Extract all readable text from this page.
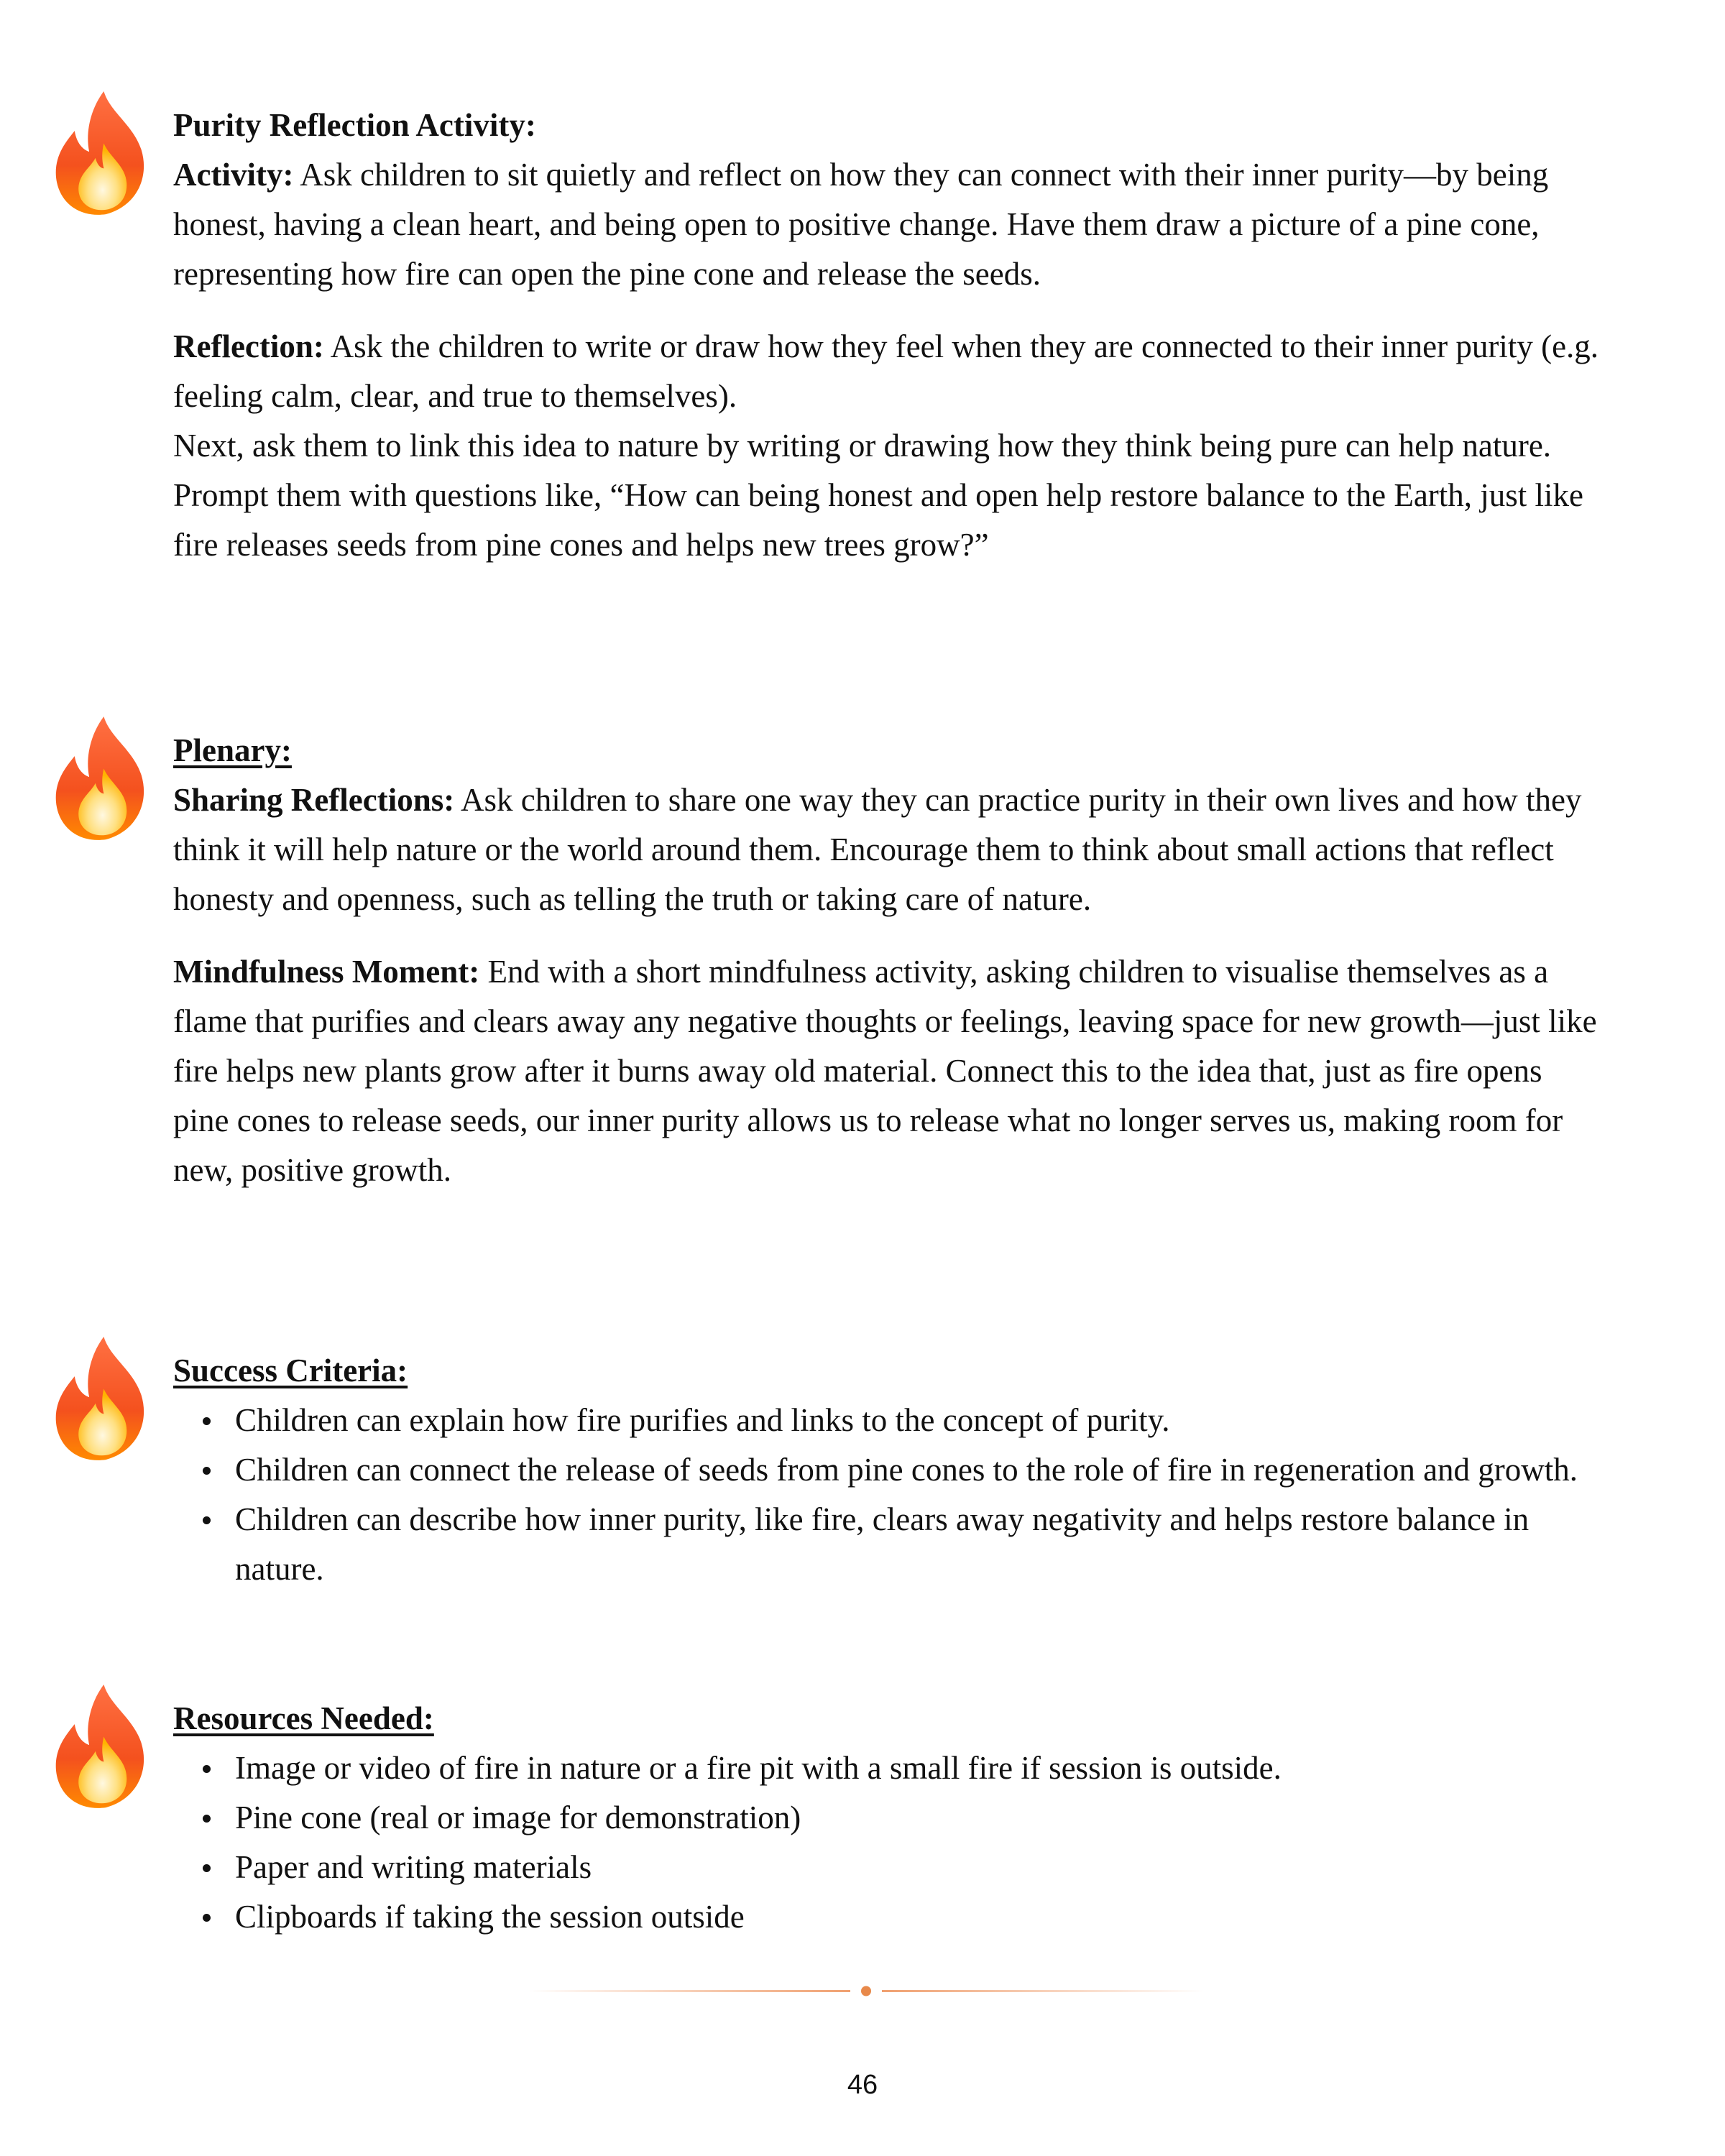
Purity Reflection Activity:

Activity: Ask children to sit quietly and reflect on how they can connect with their inner purity—by being honest, having a clean heart, and being open to positive change. Have them draw a picture of a pine cone, representing how fire can open the pine cone and release the seeds.

Reflection: Ask the children to write or draw how they feel when they are connected to their inner purity (e.g. feeling calm, clear, and true to themselves).

Next, ask them to link this idea to nature by writing or drawing how they think being pure can help nature. Prompt them with questions like, “How can being honest and open help restore balance to the Earth, just like fire releases seeds from pine cones and helps new trees grow?”

Plenary:

Sharing Reflections: Ask children to share one way they can practice purity in their own lives and how they think it will help nature or the world around them. Encourage them to think about small actions that reflect honesty and openness, such as telling the truth or taking care of nature.

Mindfulness Moment: End with a short mindfulness activity, asking children to visualise themselves as a flame that purifies and clears away any negative thoughts or feelings, leaving space for new growth—just like fire helps new plants grow after it burns away old material. Connect this to the idea that, just as fire opens pine cones to release seeds, our inner purity allows us to release what no longer serves us, making room for new, positive growth.

Success Criteria:
Children can explain how fire purifies and links to the concept of purity.
Children can connect the release of seeds from pine cones to the role of fire in regeneration and growth.
Children can describe how inner purity, like fire, clears away negativity and helps restore balance in nature.
Resources Needed:
Image or video of fire in nature or a fire pit with a small fire if session is outside.
Pine cone (real or image for demonstration)
Paper and writing materials
Clipboards if taking the session outside
46
